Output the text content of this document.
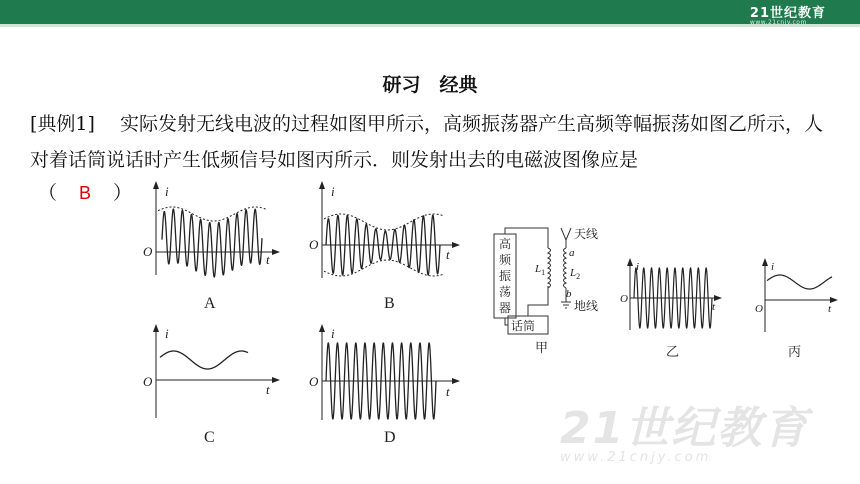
21世纪教育
www.21cnjy.com
研习　经典
[典例1]　 实际发射无线电波的过程如图甲所示，高频振荡器产生高频等幅振荡如图乙所示，人对着话筒说话时产生低频信号如图丙所示．则发射出去的电磁波图像应是
（ B ）	i
t
O
A
i
t
O
B
i
t
O
C
i
t
O
D
高
频
振
荡
器
话筒
天线
地线
a
b
$L_1$ $L_2$
甲
i
t
O
乙
i
t
O
丙
21世纪教育
www.21cnjy.com
